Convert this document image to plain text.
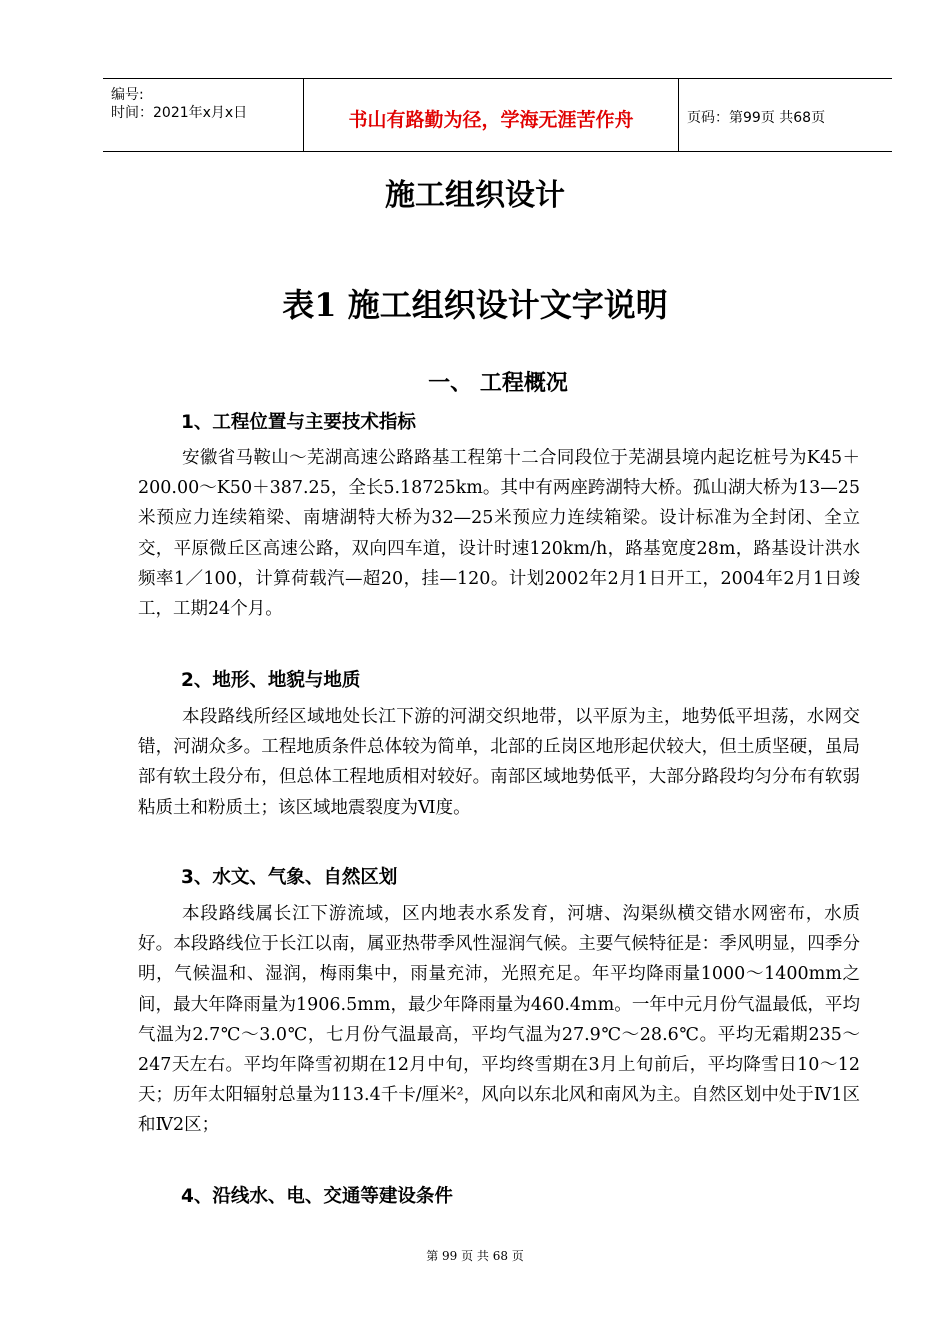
编号:
时间：2021年x月x日	书山有路勤为径，学海无涯苦作舟	页码：第99页 共68页
施工组织设计
表1 施工组织设计文字说明
一、 工程概况
1、工程位置与主要技术指标

安徽省马鞍山～芜湖高速公路路基工程第十二合同段位于芜湖县境内起讫桩号为K45＋200.00～K50＋387.25，全长5.18725km。其中有两座跨湖特大桥。孤山湖大桥为13—25米预应力连续箱梁、南塘湖特大桥为32—25米预应力连续箱梁。设计标准为全封闭、全立交，平原微丘区高速公路，双向四车道，设计时速120km/h，路基宽度28m，路基设计洪水频率1／100，计算荷载汽—超20，挂—120。计划2002年2月1日开工，2004年2月1日竣工，工期24个月。

2、地形、地貌与地质

本段路线所经区域地处长江下游的河湖交织地带，以平原为主，地势低平坦荡，水网交错，河湖众多。工程地质条件总体较为简单，北部的丘岗区地形起伏较大，但土质坚硬，虽局部有软土段分布，但总体工程地质相对较好。南部区域地势低平，大部分路段均匀分布有软弱粘质土和粉质土；该区域地震裂度为Ⅵ度。

3、水文、气象、自然区划

本段路线属长江下游流域，区内地表水系发育，河塘、沟渠纵横交错水网密布，水质好。本段路线位于长江以南，属亚热带季风性湿润气候。主要气候特征是：季风明显，四季分明，气候温和、湿润，梅雨集中，雨量充沛，光照充足。年平均降雨量1000～1400mm之间，最大年降雨量为1906.5mm，最少年降雨量为460.4mm。一年中元月份气温最低，平均气温为2.7℃～3.0℃，七月份气温最高，平均气温为27.9℃～28.6℃。平均无霜期235～247天左右。平均年降雪初期在12月中旬，平均终雪期在3月上旬前后，平均降雪日10～12天；历年太阳辐射总量为113.4千卡/厘米²，风向以东北风和南风为主。自然区划中处于Ⅳ1区和Ⅳ2区；

4、沿线水、电、交通等建设条件
第 99 页 共 68 页
